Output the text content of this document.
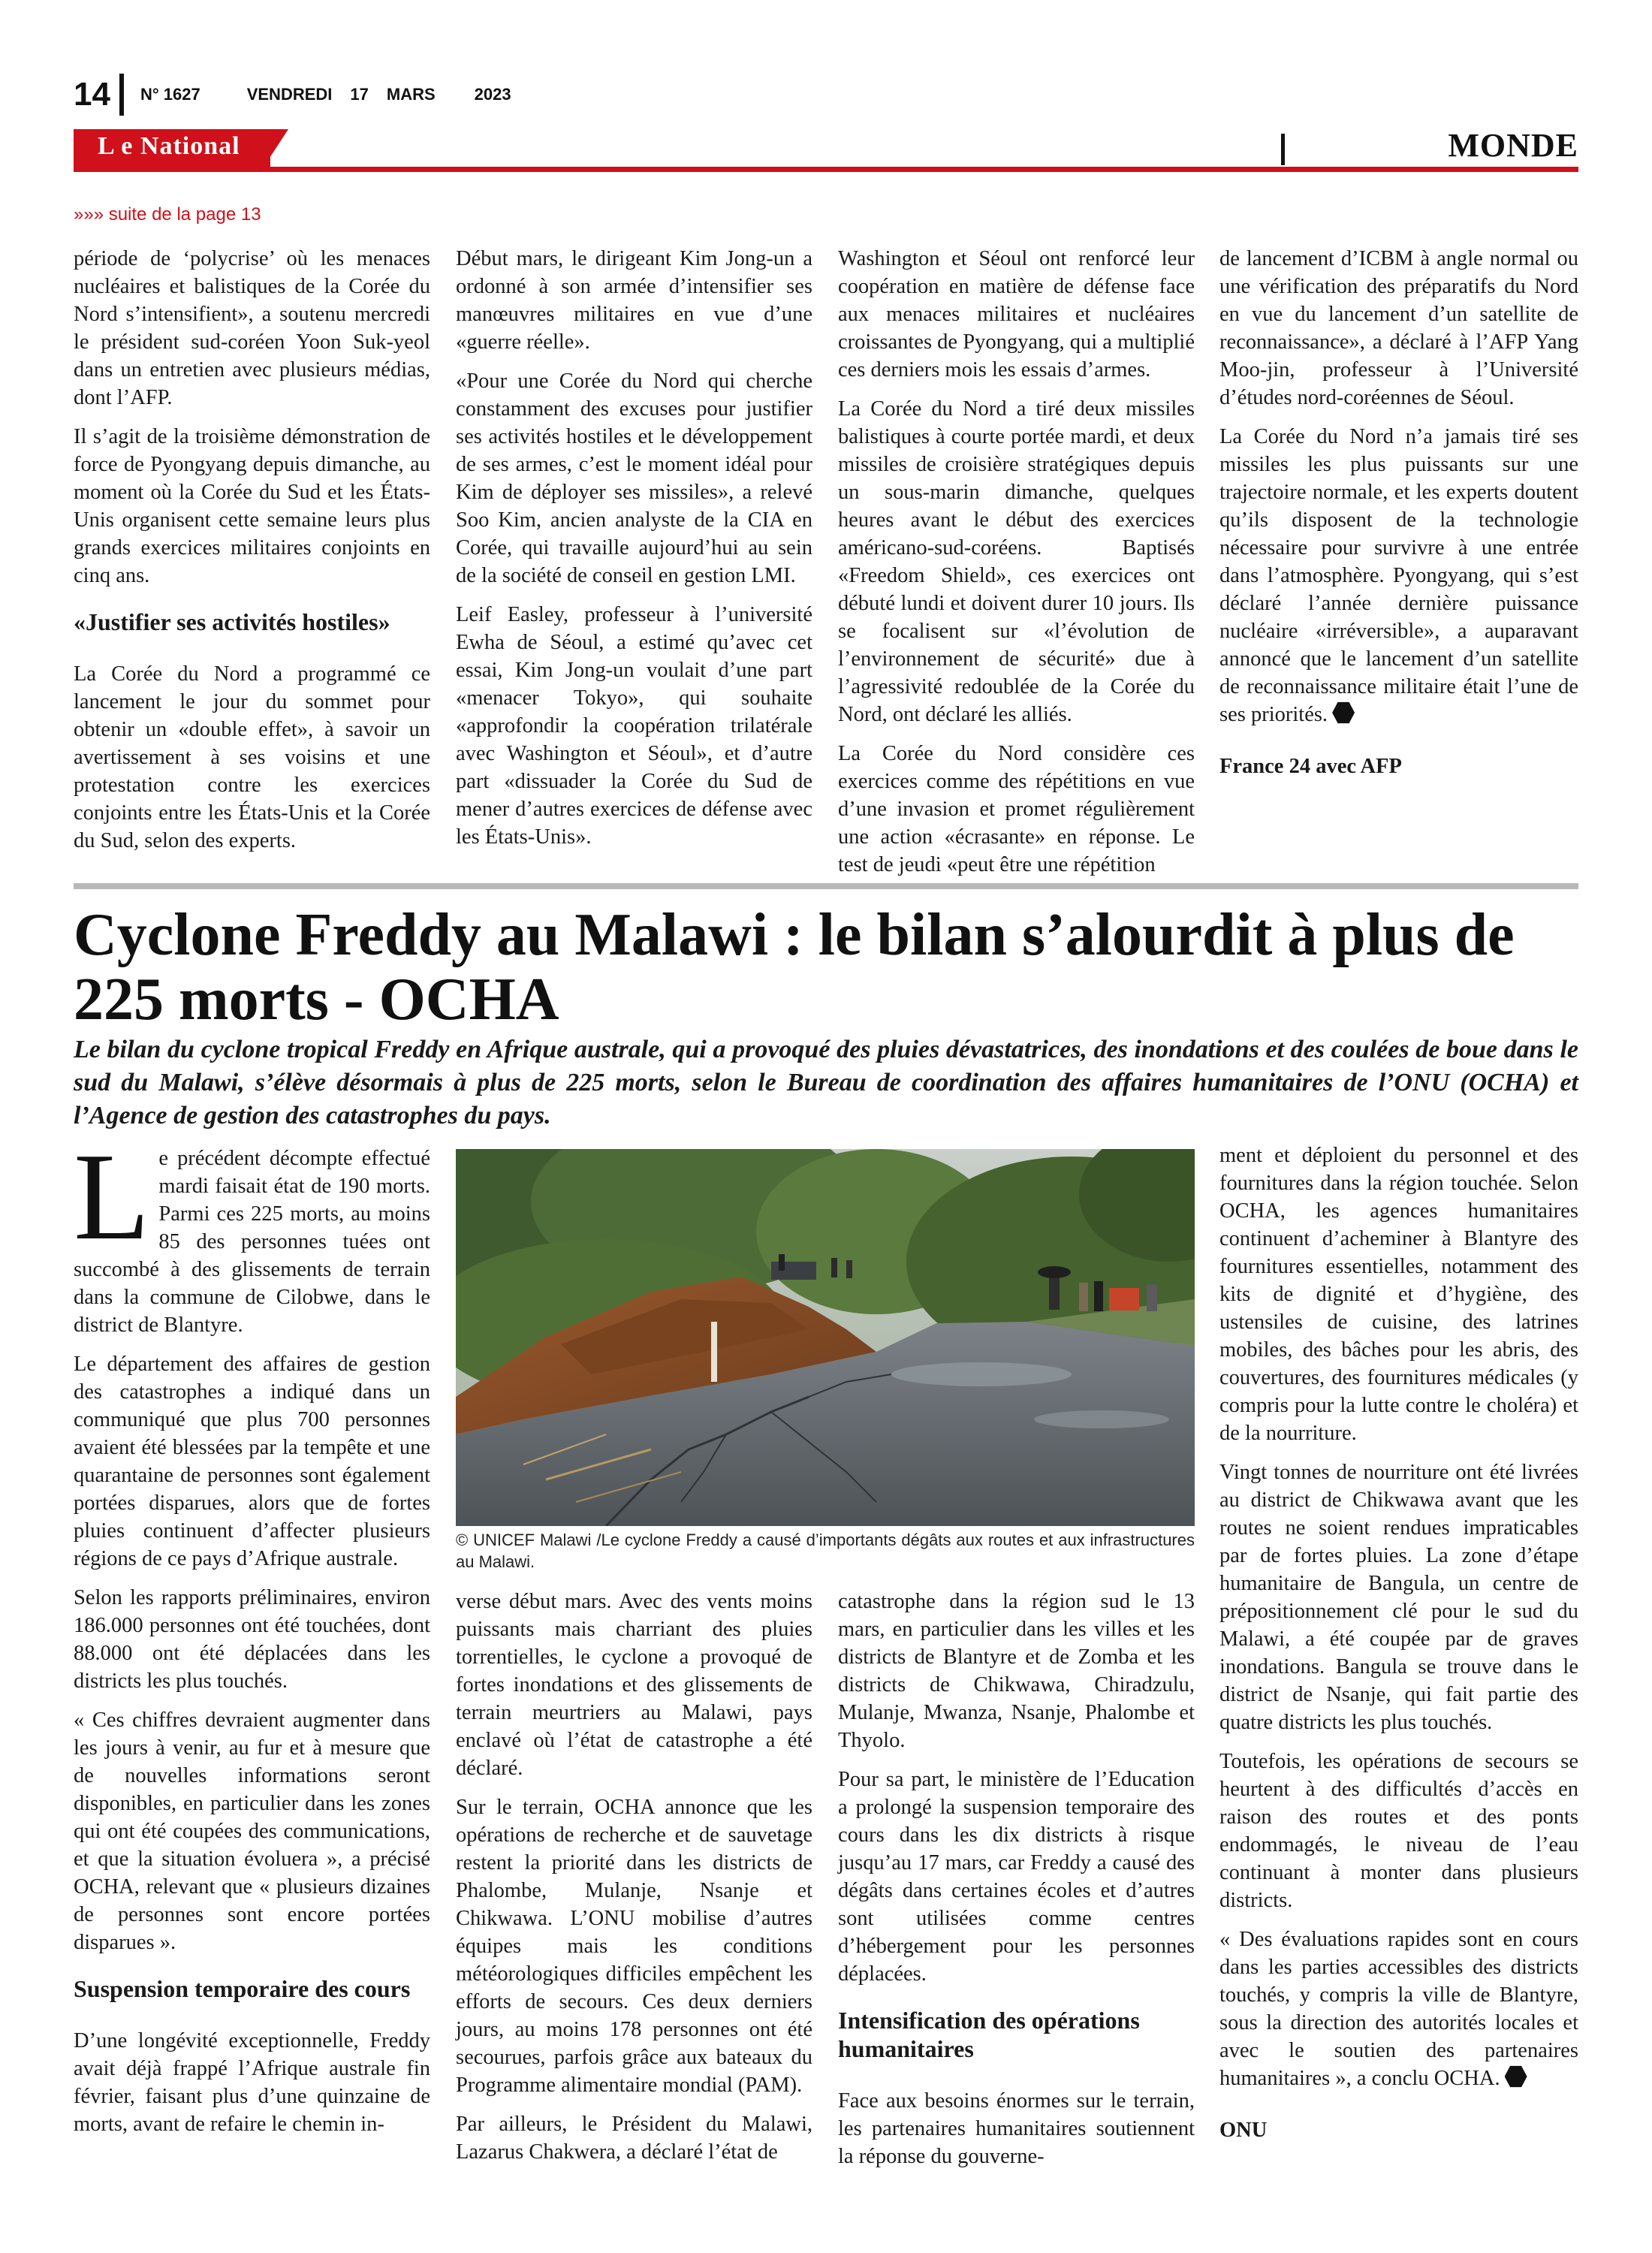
14 N° 1627	VENDREDI 17 MARS 2023
L e National	MONDE
»»» suite de la page 13

période de ‘polycrise’ où les menaces nucléaires et balistiques de la Corée du Nord s’intensifient», a soutenu mercredi le président sud-coréen Yoon Suk-yeol dans un entretien avec plusieurs médias, dont l’AFP.

Il s’agit de la troisième démonstration de force de Pyongyang depuis dimanche, au moment où la Corée du Sud et les États-Unis organisent cette semaine leurs plus grands exercices militaires conjoints en cinq ans.

«Justifier ses activités hostiles»

La Corée du Nord a programmé ce lancement le jour du sommet pour obtenir un «double effet», à savoir un avertissement à ses voisins et une protestation contre les exercices conjoints entre les États-Unis et la Corée du Sud, selon des experts.

Début mars, le dirigeant Kim Jong-un a ordonné à son armée d’intensifier ses manœuvres militaires en vue d’une «guerre réelle».

«Pour une Corée du Nord qui cherche constamment des excuses pour justifier ses activités hostiles et le développement de ses armes, c’est le moment idéal pour Kim de déployer ses missiles», a relevé Soo Kim, ancien analyste de la CIA en Corée, qui travaille aujourd’hui au sein de la société de conseil en gestion LMI.

Leif Easley, professeur à l’université Ewha de Séoul, a estimé qu’avec cet essai, Kim Jong-un voulait d’une part «menacer Tokyo», qui souhaite «approfondir la coopération trilatérale avec Washington et Séoul», et d’autre part «dissuader la Corée du Sud de mener d’autres exercices de défense avec les États-Unis».

Washington et Séoul ont renforcé leur coopération en matière de défense face aux menaces militaires et nucléaires croissantes de Pyongyang, qui a multiplié ces derniers mois les essais d’armes.

La Corée du Nord a tiré deux missiles balistiques à courte portée mardi, et deux missiles de croisière stratégiques depuis un sous-marin dimanche, quelques heures avant le début des exercices américano-sud-coréens. Baptisés «Freedom Shield», ces exercices ont débuté lundi et doivent durer 10 jours. Ils se focalisent sur «l’évolution de l’environnement de sécurité» due à l’agressivité redoublée de la Corée du Nord, ont déclaré les alliés.

La Corée du Nord considère ces exercices comme des répétitions en vue d’une invasion et promet régulièrement une action «écrasante» en réponse. Le test de jeudi «peut être une répétition

de lancement d’ICBM à angle normal ou une vérification des préparatifs du Nord en vue du lancement d’un satellite de reconnaissance», a déclaré à l’AFP Yang Moo-jin, professeur à l’Université d’études nord-coréennes de Séoul.

La Corée du Nord n’a jamais tiré ses missiles les plus puissants sur une trajectoire normale, et les experts doutent qu’ils disposent de la technologie nécessaire pour survivre à une entrée dans l’atmosphère. Pyongyang, qui s’est déclaré l’année dernière puissance nucléaire «irréversible», a auparavant annoncé que le lancement d’un satellite de reconnaissance militaire était l’une de ses priorités.

France 24 avec AFP

Cyclone Freddy au Malawi : le bilan s’alourdit à plus de 225 morts - OCHA

Le bilan du cyclone tropical Freddy en Afrique australe, qui a provoqué des pluies dévastatrices, des inondations et des coulées de boue dans le sud du Malawi, s’élève désormais à plus de 225 morts, selon le Bureau de coordination des affaires humanitaires de l’ONU (OCHA) et l’Agence de gestion des catastrophes du pays.

Le précédent décompte effectué mardi faisait état de 190 morts. Parmi ces 225 morts, au moins 85 des personnes tuées ont succombé à des glissements de terrain dans la commune de Cilobwe, dans le district de Blantyre.

Le département des affaires de gestion des catastrophes a indiqué dans un communiqué que plus 700 personnes avaient été blessées par la tempête et une quarantaine de personnes sont également portées disparues, alors que de fortes pluies continuent d’affecter plusieurs régions de ce pays d’Afrique australe.

Selon les rapports préliminaires, environ 186.000 personnes ont été touchées, dont 88.000 ont été déplacées dans les districts les plus touchés.

« Ces chiffres devraient augmenter dans les jours à venir, au fur et à mesure que de nouvelles informations seront disponibles, en particulier dans les zones qui ont été coupées des communications, et que la situation évoluera », a précisé OCHA, relevant que « plusieurs dizaines de personnes sont encore portées disparues ».

Suspension temporaire des cours

D’une longévité exceptionnelle, Freddy avait déjà frappé l’Afrique australe fin février, faisant plus d’une quinzaine de morts, avant de refaire le chemin in-

© UNICEF Malawi /Le cyclone Freddy a causé d’importants dégâts aux routes et aux infrastructures au Malawi.

verse début mars. Avec des vents moins puissants mais charriant des pluies torrentielles, le cyclone a provoqué de fortes inondations et des glissements de terrain meurtriers au Malawi, pays enclavé où l’état de catastrophe a été déclaré.

Sur le terrain, OCHA annonce que les opérations de recherche et de sauvetage restent la priorité dans les districts de Phalombe, Mulanje, Nsanje et Chikwawa. L’ONU mobilise d’autres équipes mais les conditions météorologiques difficiles empêchent les efforts de secours. Ces deux derniers jours, au moins 178 personnes ont été secourues, parfois grâce aux bateaux du Programme alimentaire mondial (PAM).

Par ailleurs, le Président du Malawi, Lazarus Chakwera, a déclaré l’état de

catastrophe dans la région sud le 13 mars, en particulier dans les villes et les districts de Blantyre et de Zomba et les districts de Chikwawa, Chiradzulu, Mulanje, Mwanza, Nsanje, Phalombe et Thyolo.

Pour sa part, le ministère de l’Education a prolongé la suspension temporaire des cours dans les dix districts à risque jusqu’au 17 mars, car Freddy a causé des dégâts dans certaines écoles et d’autres sont utilisées comme centres d’hébergement pour les personnes déplacées.

Intensification des opérations humanitaires

Face aux besoins énormes sur le terrain, les partenaires humanitaires soutiennent la réponse du gouverne-

ment et déploient du personnel et des fournitures dans la région touchée. Selon OCHA, les agences humanitaires continuent d’acheminer à Blantyre des fournitures essentielles, notamment des kits de dignité et d’hygiène, des ustensiles de cuisine, des latrines mobiles, des bâches pour les abris, des couvertures, des fournitures médicales (y compris pour la lutte contre le choléra) et de la nourriture.

Vingt tonnes de nourriture ont été livrées au district de Chikwawa avant que les routes ne soient rendues impraticables par de fortes pluies. La zone d’étape humanitaire de Bangula, un centre de prépositionnement clé pour le sud du Malawi, a été coupée par de graves inondations. Bangula se trouve dans le district de Nsanje, qui fait partie des quatre districts les plus touchés.

Toutefois, les opérations de secours se heurtent à des difficultés d’accès en raison des routes et des ponts endommagés, le niveau de l’eau continuant à monter dans plusieurs districts.

« Des évaluations rapides sont en cours dans les parties accessibles des districts touchés, y compris la ville de Blantyre, sous la direction des autorités locales et avec le soutien des partenaires humanitaires », a conclu OCHA.

ONU
